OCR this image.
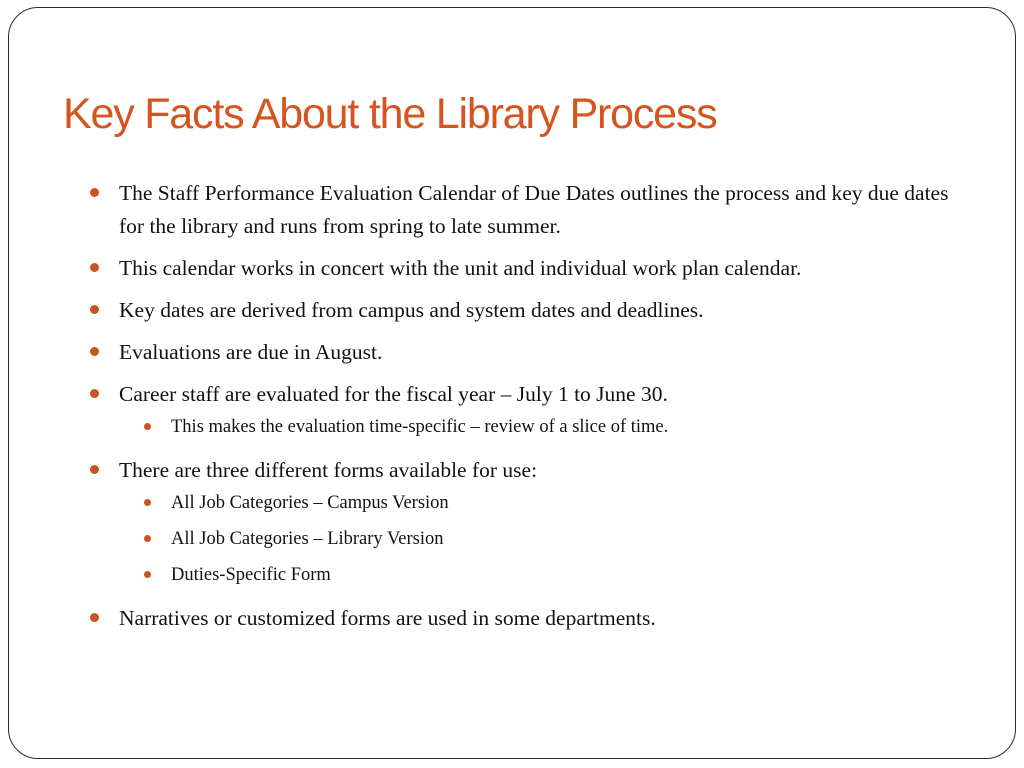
Key Facts About the Library Process
The Staff Performance Evaluation Calendar of Due Dates outlines the process and key due dates for the library and runs from spring to late summer.
This calendar works in concert with the unit and individual work plan calendar.
Key dates are derived from campus and system dates and deadlines.
Evaluations are due in August.
Career staff are evaluated for the fiscal year – July 1 to June 30.
This makes the evaluation time-specific – review of a slice of time.
There are three different forms available for use:
All Job Categories – Campus Version
All Job Categories – Library Version
Duties-Specific Form
Narratives or customized forms are used in some departments.
